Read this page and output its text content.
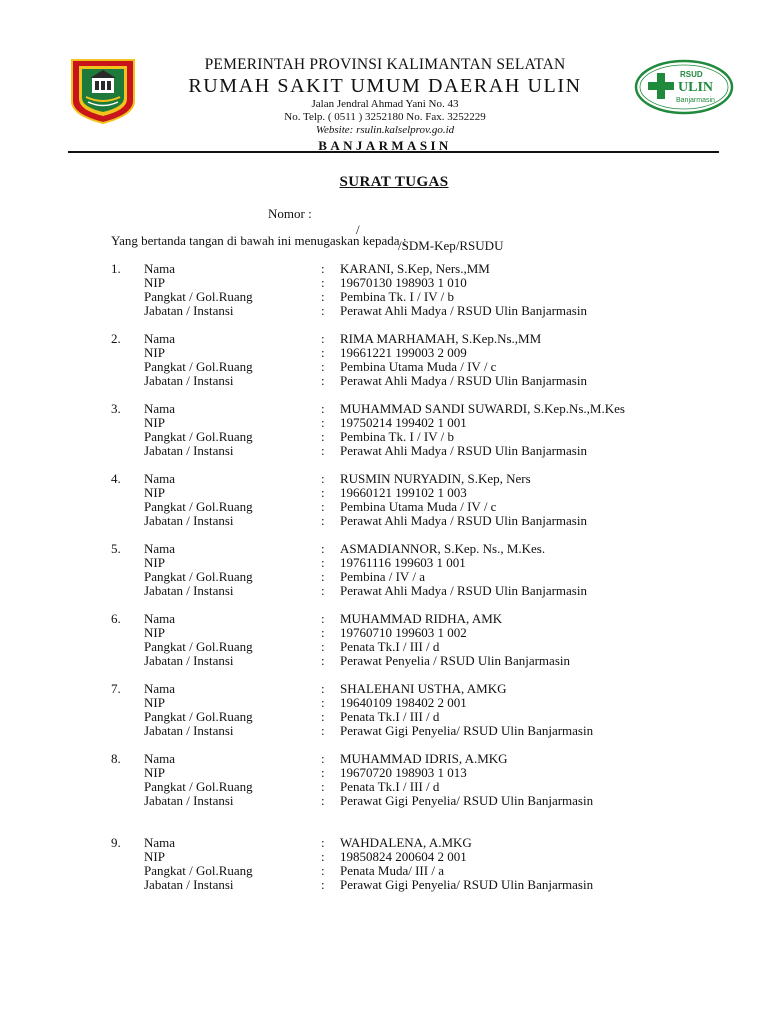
PEMERINTAH PROVINSI KALIMANTAN SELATAN
RUMAH SAKIT UMUM DAERAH ULIN
Jalan Jendral Ahmad Yani No. 43
No. Telp. ( 0511 ) 3252180 No. Fax. 3252229
Website: rsulin.kalselprov.go.id
BANJARMASIN
RSUD
ULIN
Banjarmasin
SURAT TUGAS

Nomor :

/

/SDM-Kep/RSUDU

Yang bertanda tangan di bawah ini menugaskan kepada :
1. Nama	: KARANI, S.Kep, Ners.,MM
NIP	: 19670130 198903 1 010
Pangkat / Gol.Ruang	: Pembina Tk. I / IV / b
Jabatan / Instansi	: Perawat Ahli Madya / RSUD Ulin Banjarmasin
2. Nama	: RIMA MARHAMAH, S.Kep.Ns.,MM
NIP	: 19661221 199003 2 009
Pangkat / Gol.Ruang	: Pembina Utama Muda / IV / c
Jabatan / Instansi	: Perawat Ahli Madya / RSUD Ulin Banjarmasin
3. Nama	: MUHAMMAD SANDI SUWARDI, S.Kep.Ns.,M.Kes
NIP	: 19750214 199402 1 001
Pangkat / Gol.Ruang	: Pembina Tk. I / IV / b
Jabatan / Instansi	: Perawat Ahli Madya / RSUD Ulin Banjarmasin
4. Nama	: RUSMIN NURYADIN, S.Kep, Ners
NIP	: 19660121 199102 1 003
Pangkat / Gol.Ruang	: Pembina Utama Muda / IV / c
Jabatan / Instansi	: Perawat Ahli Madya / RSUD Ulin Banjarmasin
5. Nama	: ASMADIANNOR, S.Kep. Ns., M.Kes.
NIP	: 19761116 199603 1 001
Pangkat / Gol.Ruang	: Pembina / IV / a
Jabatan / Instansi	: Perawat Ahli Madya / RSUD Ulin Banjarmasin
6. Nama	: MUHAMMAD RIDHA, AMK
NIP	: 19760710 199603 1 002
Pangkat / Gol.Ruang	: Penata Tk.I / III / d
Jabatan / Instansi	: Perawat Penyelia / RSUD Ulin Banjarmasin
7. Nama	: SHALEHANI USTHA, AMKG
NIP	: 19640109 198402 2 001
Pangkat / Gol.Ruang	: Penata Tk.I / III / d
Jabatan / Instansi	: Perawat Gigi Penyelia/ RSUD Ulin Banjarmasin
8. Nama	: MUHAMMAD IDRIS, A.MKG
NIP	: 19670720 198903 1 013
Pangkat / Gol.Ruang	: Penata Tk.I / III / d
Jabatan / Instansi	: Perawat Gigi Penyelia/ RSUD Ulin Banjarmasin
9. Nama	: WAHDALENA, A.MKG
NIP	: 19850824 200604 2 001
Pangkat / Gol.Ruang	: Penata Muda/ III / a
Jabatan / Instansi	: Perawat Gigi Penyelia/ RSUD Ulin Banjarmasin
